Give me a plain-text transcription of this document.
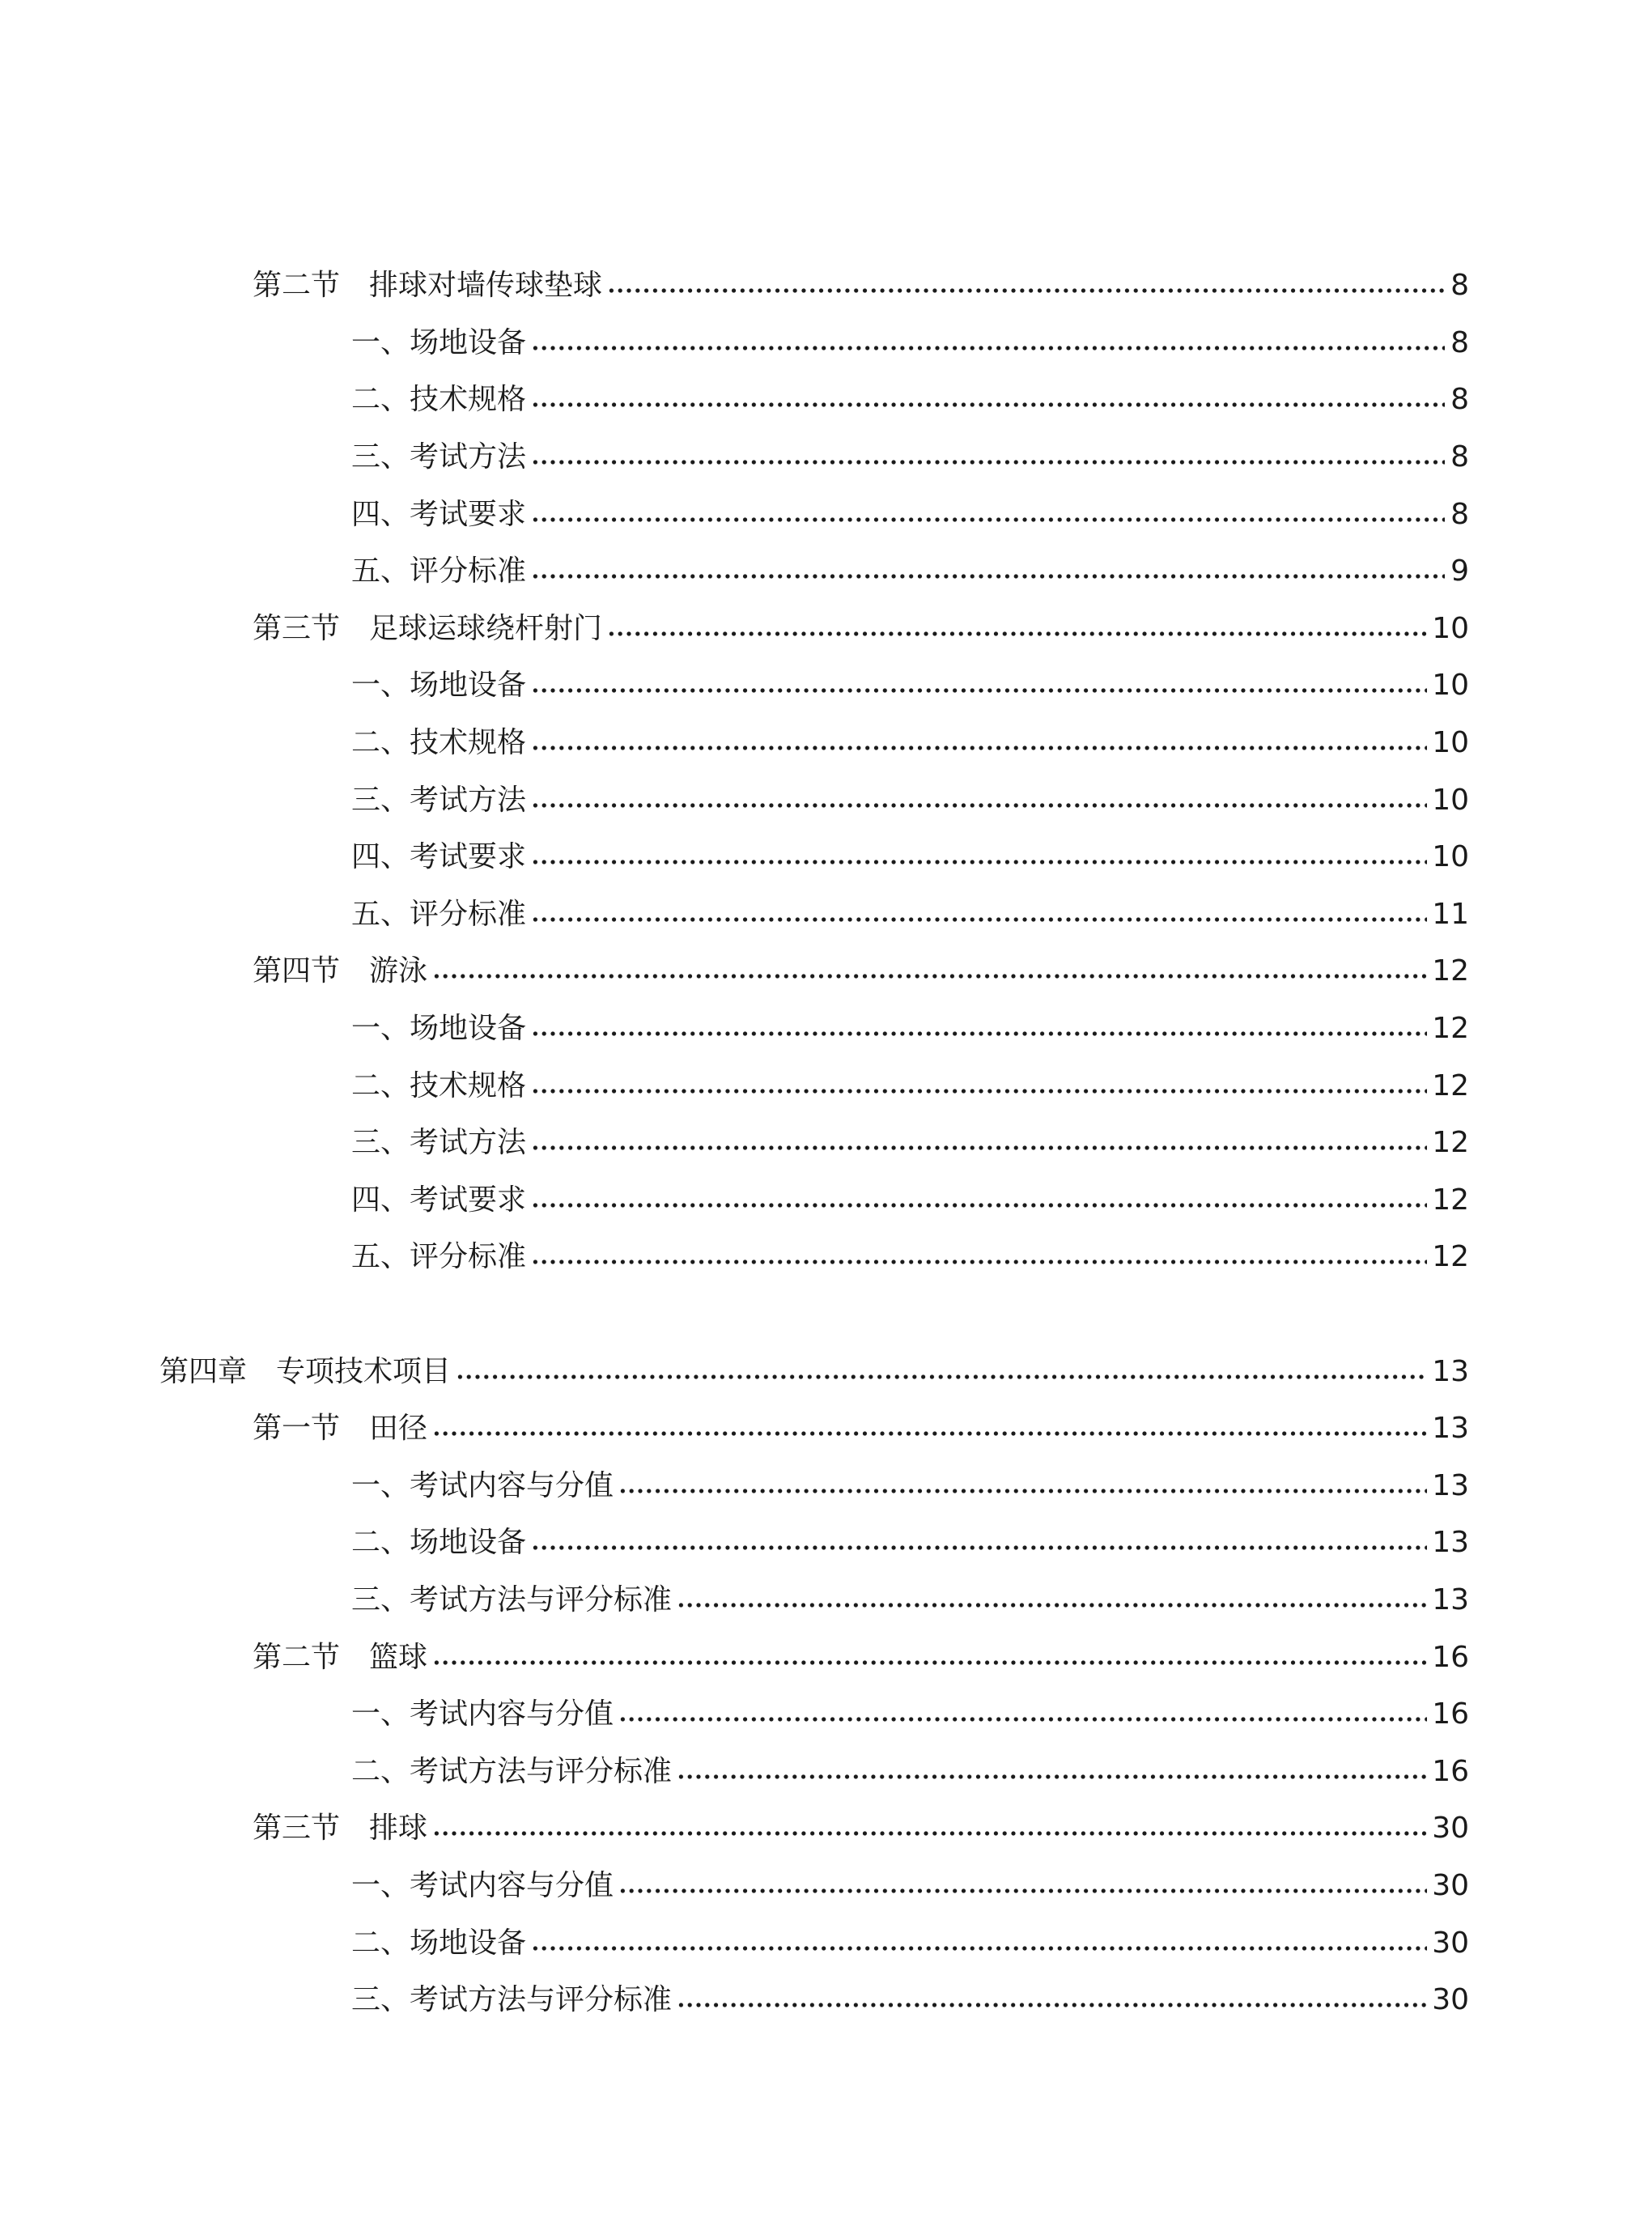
第二节　排球对墙传球垫球	8
一、场地设备	8
二、技术规格	8
三、考试方法	8
四、考试要求	8
五、评分标准	9
第三节　足球运球绕杆射门	10
一、场地设备	10
二、技术规格	10
三、考试方法	10
四、考试要求	10
五、评分标准	11
第四节　游泳	12
一、场地设备	12
二、技术规格	12
三、考试方法	12
四、考试要求	12
五、评分标准	12
第四章　专项技术项目	13
第一节　田径	13
一、考试内容与分值	13
二、场地设备	13
三、考试方法与评分标准	13
第二节　篮球	16
一、考试内容与分值	16
二、考试方法与评分标准	16
第三节　排球	30
一、考试内容与分值	30
二、场地设备	30
三、考试方法与评分标准	30
